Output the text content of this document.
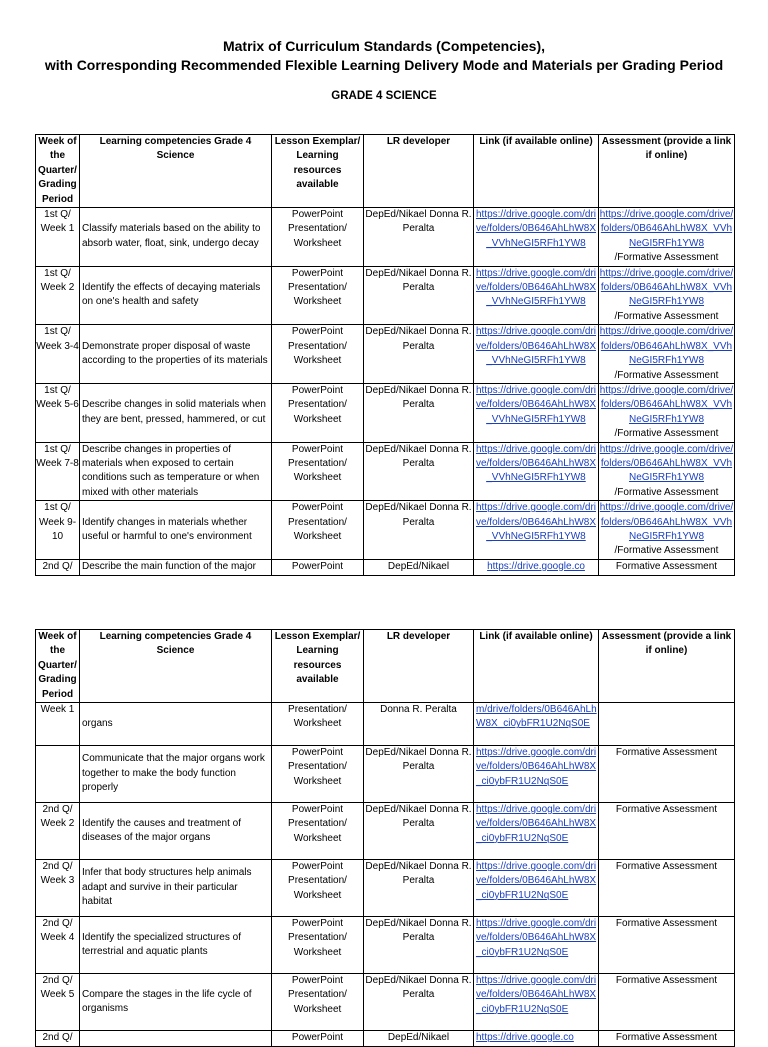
Matrix of Curriculum Standards (Competencies),
with Corresponding Recommended Flexible Learning Delivery Mode and Materials per Grading Period
GRADE 4 SCIENCE
Week of the Quarter/ Grading Period	Learning competencies Grade 4 Science	Lesson Exemplar/ Learning resources available	LR developer	Link (if available online)	Assessment (provide a link if online)
1st Q/ Week 1	Classify materials based on the ability to absorb water, float, sink, undergo decay	PowerPoint Presentation/ Worksheet	DepEd/Nikael Donna R. Peralta	https://drive.google.com/drive/folders/0B646AhLhW8X_VVhNeGI5RFh1YW8	https://drive.google.com/drive/folders/0B646AhLhW8X_VVhNeGI5RFh1YW8
/Formative Assessment
1st Q/ Week 2	Identify the effects of decaying materials on one's health and safety	PowerPoint Presentation/ Worksheet	DepEd/Nikael Donna R. Peralta	https://drive.google.com/drive/folders/0B646AhLhW8X_VVhNeGI5RFh1YW8	https://drive.google.com/drive/folders/0B646AhLhW8X_VVhNeGI5RFh1YW8
/Formative Assessment
1st Q/ Week 3-4	Demonstrate proper disposal of waste according to the properties of its materials	PowerPoint Presentation/ Worksheet	DepEd/Nikael Donna R. Peralta	https://drive.google.com/drive/folders/0B646AhLhW8X_VVhNeGI5RFh1YW8	https://drive.google.com/drive/folders/0B646AhLhW8X_VVhNeGI5RFh1YW8
/Formative Assessment
1st Q/ Week 5-6	Describe changes in solid materials when they are bent, pressed, hammered, or cut	PowerPoint Presentation/ Worksheet	DepEd/Nikael Donna R. Peralta	https://drive.google.com/drive/folders/0B646AhLhW8X_VVhNeGI5RFh1YW8	https://drive.google.com/drive/folders/0B646AhLhW8X_VVhNeGI5RFh1YW8
/Formative Assessment
1st Q/ Week 7-8	Describe changes in properties of materials when exposed to certain conditions such as temperature or when mixed with other materials	PowerPoint Presentation/ Worksheet	DepEd/Nikael Donna R. Peralta	https://drive.google.com/drive/folders/0B646AhLhW8X_VVhNeGI5RFh1YW8	https://drive.google.com/drive/folders/0B646AhLhW8X_VVhNeGI5RFh1YW8
/Formative Assessment
1st Q/ Week 9-10	Identify changes in materials whether useful or harmful to one's environment	PowerPoint Presentation/ Worksheet	DepEd/Nikael Donna R. Peralta	https://drive.google.com/drive/folders/0B646AhLhW8X_VVhNeGI5RFh1YW8	https://drive.google.com/drive/folders/0B646AhLhW8X_VVhNeGI5RFh1YW8
/Formative Assessment
2nd Q/	Describe the main function of the major	PowerPoint	DepEd/Nikael	https://drive.google.co	Formative Assessment
Week of the Quarter/ Grading Period	Learning competencies Grade 4 Science	Lesson Exemplar/ Learning resources available	LR developer	Link (if available online)	Assessment (provide a link if online)
Week 1	organs	Presentation/ Worksheet	Donna R. Peralta	m/drive/folders/0B646AhLhW8X_ci0ybFR1U2NqS0E	
	Communicate that the major organs work together to make the body function properly	PowerPoint Presentation/ Worksheet	DepEd/Nikael Donna R. Peralta	https://drive.google.com/drive/folders/0B646AhLhW8X_ci0ybFR1U2NqS0E	Formative Assessment
2nd Q/ Week 2	Identify the causes and treatment of diseases of the major organs	PowerPoint Presentation/ Worksheet	DepEd/Nikael Donna R. Peralta	https://drive.google.com/drive/folders/0B646AhLhW8X_ci0ybFR1U2NqS0E	Formative Assessment
2nd Q/ Week 3	Infer that body structures help animals adapt and survive in their particular habitat	PowerPoint Presentation/ Worksheet	DepEd/Nikael Donna R. Peralta	https://drive.google.com/drive/folders/0B646AhLhW8X_ci0ybFR1U2NqS0E	Formative Assessment
2nd Q/ Week 4	Identify the specialized structures of terrestrial and aquatic plants	PowerPoint Presentation/ Worksheet	DepEd/Nikael Donna R. Peralta	https://drive.google.com/drive/folders/0B646AhLhW8X_ci0ybFR1U2NqS0E	Formative Assessment
2nd Q/ Week 5	Compare the stages in the life cycle of organisms	PowerPoint Presentation/ Worksheet	DepEd/Nikael Donna R. Peralta	https://drive.google.com/drive/folders/0B646AhLhW8X_ci0ybFR1U2NqS0E	Formative Assessment
2nd Q/		PowerPoint	DepEd/Nikael	https://drive.google.co	Formative Assessment
